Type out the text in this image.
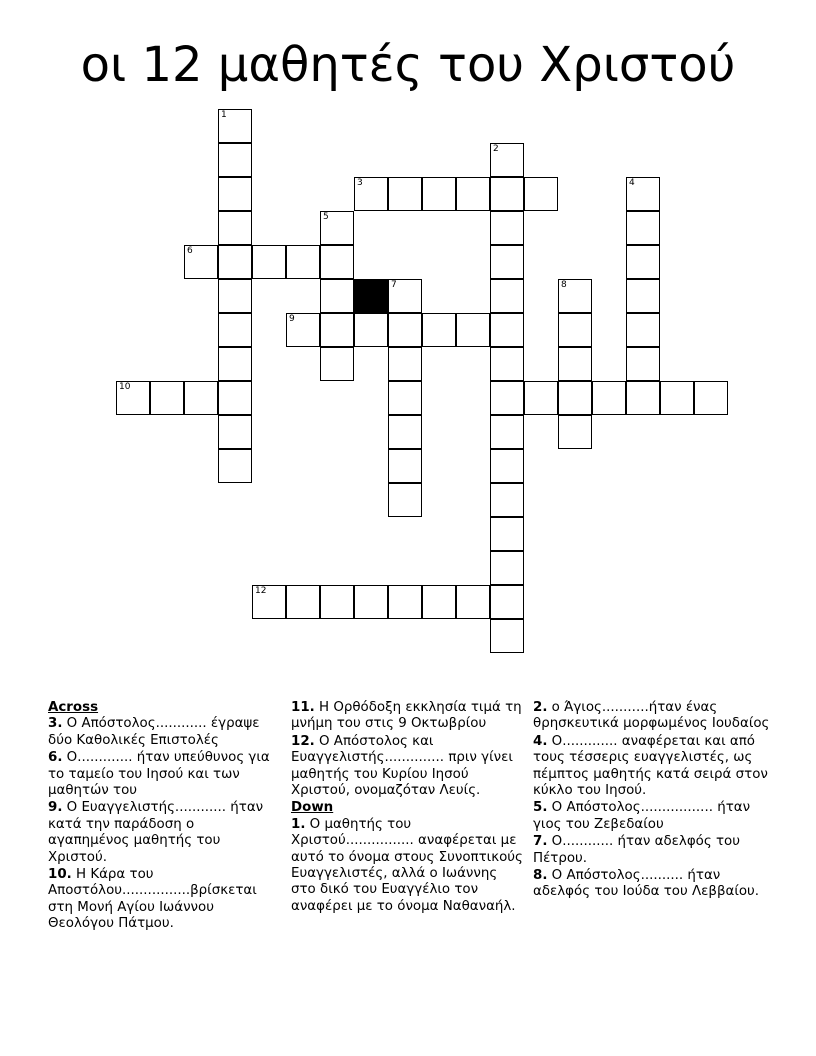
οι 12 μαθητές του Χριστού
1
2
3	4
5
6
7	8
9
10
12
Across
3. Ο Απόστολος............ έγραψε δύο Καθολικές Επιστολές
6. Ο............. ήταν υπεύθυνος για το ταμείο του Ιησού και των μαθητών του
9. Ο Ευαγγελιστής............ ήταν κατά την παράδοση ο αγαπημένος μαθητής του Χριστού.
10. Η Κάρα του
Αποστόλου................βρίσκεται
στη Μονή Αγίου Ιωάννου Θεολόγου Πάτμου.
11. Η Ορθόδοξη εκκλησία τιμά τη μνήμη του στις 9 Οκτωβρίου
12. Ο Απόστολος και Ευαγγελιστής.............. πριν γίνει μαθητής του Κυρίου Ιησού Χριστού, ονομαζόταν Λευίς.
Down
1. Ο μαθητής του Χριστού................ αναφέρεται με αυτό το όνομα στους Συνοπτικούς Ευαγγελιστές, αλλά ο Ιωάννης στο δικό του Ευαγγέλιο τον αναφέρει με το όνομα Ναθαναήλ.
2. ο Άγιος...........ήταν ένας θρησκευτικά μορφωμένος Ιουδαίος
4. Ο............. αναφέρεται και από τους τέσσερις ευαγγελιστές, ως πέμπτος μαθητής κατά σειρά στον κύκλο του Ιησού.
5. Ο Απόστολος................. ήταν γιος του Ζεβεδαίου
7. Ο............ ήταν αδελφός του Πέτρου.
8. Ο Απόστολος.......... ήταν αδελφός του Ιούδα του Λεββαίου.
